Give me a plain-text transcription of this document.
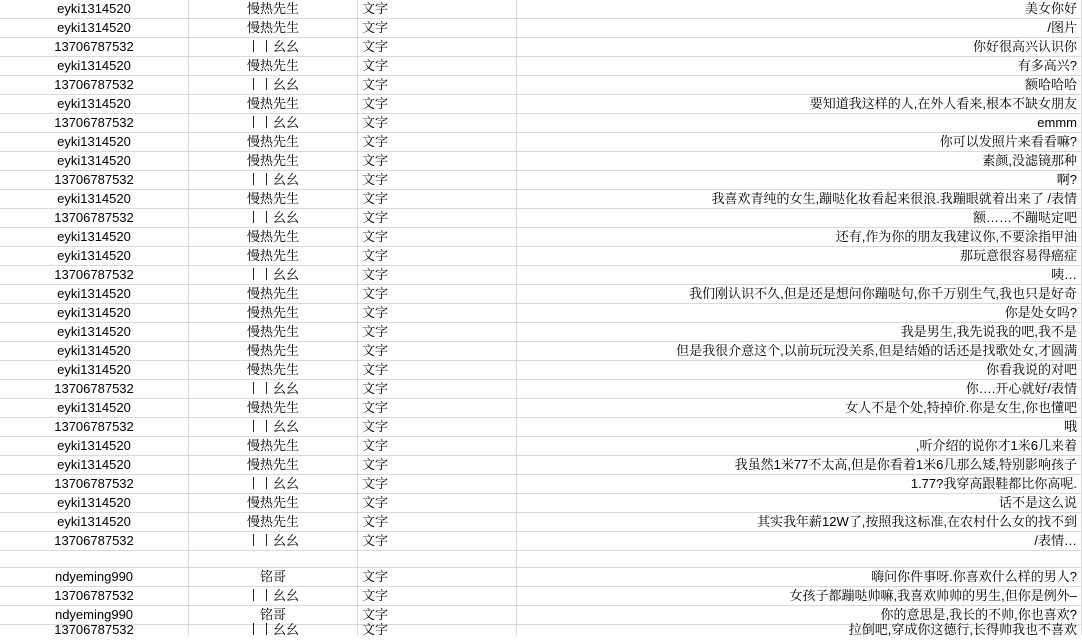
eyki1314520	慢热先生	文字	美女你好
eyki1314520	慢热先生	文字	/图片
13706787532	丨丨幺幺	文字	你好很高兴认识你
eyki1314520	慢热先生	文字	有多高兴?
13706787532	丨丨幺幺	文字	额哈哈哈
eyki1314520	慢热先生	文字	要知道我这样的人,在外人看来,根本不缺女朋友
13706787532	丨丨幺幺	文字	emmm
eyki1314520	慢热先生	文字	你可以发照片来看看嘛?
eyki1314520	慢热先生	文字	素颜,没滤镜那种
13706787532	丨丨幺幺	文字	啊?
eyki1314520	慢热先生	文字	我喜欢青纯的女生,蹦哒化妆看起来很浪.我蹦眼就着出来了 /表情
13706787532	丨丨幺幺	文字	额……不蹦哒定吧
eyki1314520	慢热先生	文字	还有,作为你的朋友我建议你,不要涂指甲油
eyki1314520	慢热先生	文字	那玩意很容易得癌症
13706787532	丨丨幺幺	文字	咦…
eyki1314520	慢热先生	文字	我们刚认识不久,但是还是想问你蹦哒句,你千万别生气,我也只是好奇
eyki1314520	慢热先生	文字	你是处女吗?
eyki1314520	慢热先生	文字	我是男生,我先说我的吧,我不是
eyki1314520	慢热先生	文字	但是我很介意这个,以前玩玩没关系,但是结婚的话还是找歌处女,才圆满
eyki1314520	慢热先生	文字	你看我说的对吧
13706787532	丨丨幺幺	文字	你….开心就好/表情
eyki1314520	慢热先生	文字	女人不是个处,特掉价.你是女生,你也懂吧
13706787532	丨丨幺幺	文字	哦
eyki1314520	慢热先生	文字	,听介绍的说你才1米6几来着
eyki1314520	慢热先生	文字	我虽然1米77不太高,但是你看着1米6几那么矮,特别影响孩子
13706787532	丨丨幺幺	文字	1.77?我穿高跟鞋都比你高呢.
eyki1314520	慢热先生	文字	话不是这么说
eyki1314520	慢热先生	文字	其实我年薪12W了,按照我这标准,在农村什么女的找不到
13706787532	丨丨幺幺	文字	/表情…

ndyeming990	铭哥	文字	嗨问你件事呀.你喜欢什么样的男人?
13706787532	丨丨幺幺	文字	女孩子都蹦哒帅嘛,我喜欢帅帅的男生,但你是例外–
ndyeming990	铭哥	文字	你的意思是,我长的不帅,你也喜欢?
13706787532	丨丨幺幺	文字	拉倒吧,穿成你这德行,长得帅我也不喜欢
